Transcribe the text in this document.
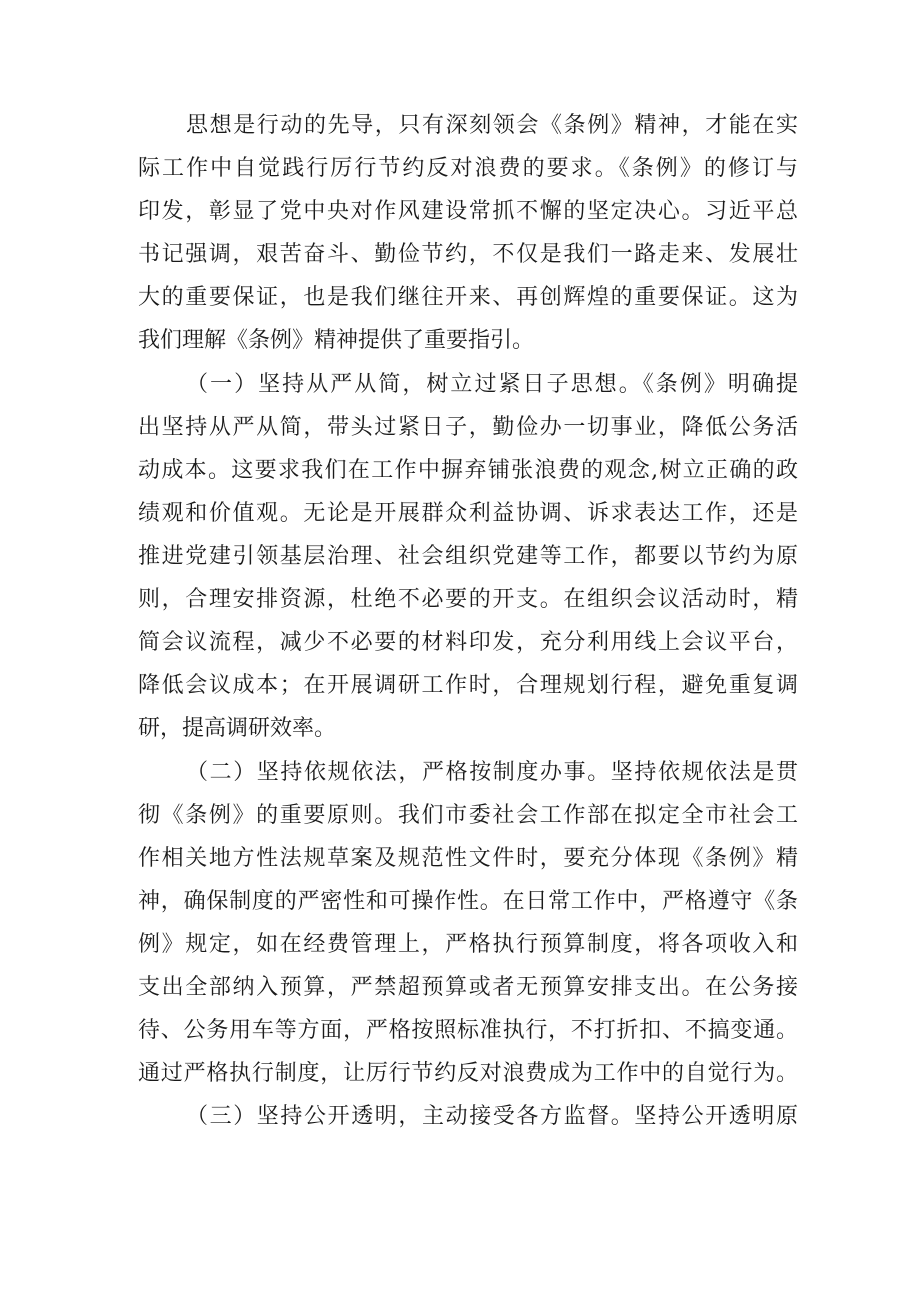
思想是行动的先导，只有深刻领会《条例》精神，才能在实

际工作中自觉践行厉行节约反对浪费的要求。《条例》的修订与

印发，彰显了党中央对作风建设常抓不懈的坚定决心。习近平总

书记强调，艰苦奋斗、勤俭节约，不仅是我们一路走来、发展壮

大的重要保证，也是我们继往开来、再创辉煌的重要保证。这为

我们理解《条例》精神提供了重要指引。

（一）坚持从严从简，树立过紧日子思想。《条例》明确提

出坚持从严从简，带头过紧日子，勤俭办一切事业，降低公务活

动成本。这要求我们在工作中摒弃铺张浪费的观念,树立正确的政

绩观和价值观。无论是开展群众利益协调、诉求表达工作，还是

推进党建引领基层治理、社会组织党建等工作，都要以节约为原

则，合理安排资源，杜绝不必要的开支。在组织会议活动时，精

简会议流程，减少不必要的材料印发，充分利用线上会议平台，

降低会议成本；在开展调研工作时，合理规划行程，避免重复调

研，提高调研效率。

（二）坚持依规依法，严格按制度办事。坚持依规依法是贯

彻《条例》的重要原则。我们市委社会工作部在拟定全市社会工

作相关地方性法规草案及规范性文件时，要充分体现《条例》精

神，确保制度的严密性和可操作性。在日常工作中，严格遵守《条

例》规定，如在经费管理上，严格执行预算制度，将各项收入和

支出全部纳入预算，严禁超预算或者无预算安排支出。在公务接

待、公务用车等方面，严格按照标准执行，不打折扣、不搞变通。

通过严格执行制度，让厉行节约反对浪费成为工作中的自觉行为。

（三）坚持公开透明，主动接受各方监督。坚持公开透明原
